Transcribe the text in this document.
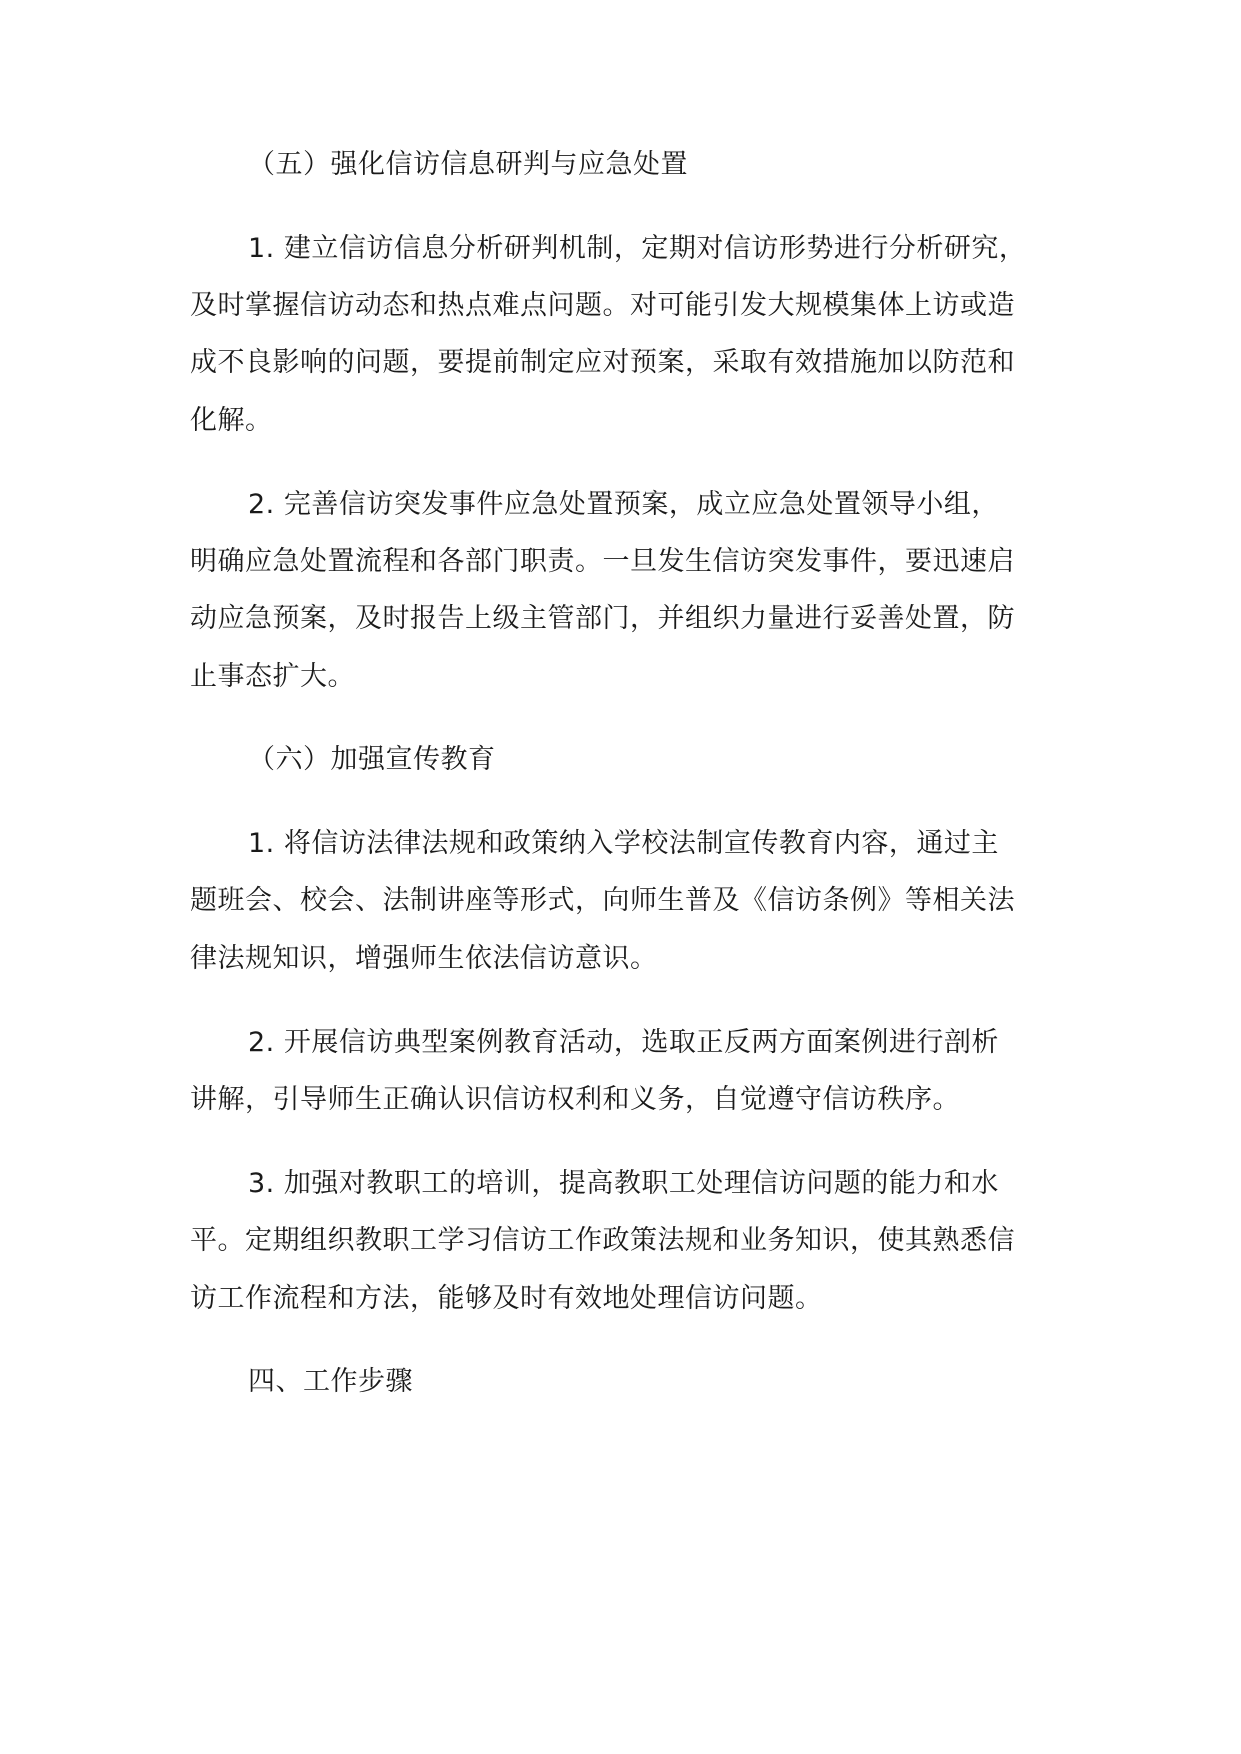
（五）强化信访信息研判与应急处置
1. 建立信访信息分析研判机制，定期对信访形势进行分析研究，
及时掌握信访动态和热点难点问题。对可能引发大规模集体上访或造
成不良影响的问题，要提前制定应对预案，采取有效措施加以防范和
化解。
2. 完善信访突发事件应急处置预案，成立应急处置领导小组，
明确应急处置流程和各部门职责。一旦发生信访突发事件，要迅速启
动应急预案，及时报告上级主管部门，并组织力量进行妥善处置，防
止事态扩大。
（六）加强宣传教育
1. 将信访法律法规和政策纳入学校法制宣传教育内容，通过主
题班会、校会、法制讲座等形式，向师生普及《信访条例》等相关法
律法规知识，增强师生依法信访意识。
2. 开展信访典型案例教育活动，选取正反两方面案例进行剖析
讲解，引导师生正确认识信访权利和义务，自觉遵守信访秩序。
3. 加强对教职工的培训，提高教职工处理信访问题的能力和水
平。定期组织教职工学习信访工作政策法规和业务知识，使其熟悉信
访工作流程和方法，能够及时有效地处理信访问题。
四、工作步骤
